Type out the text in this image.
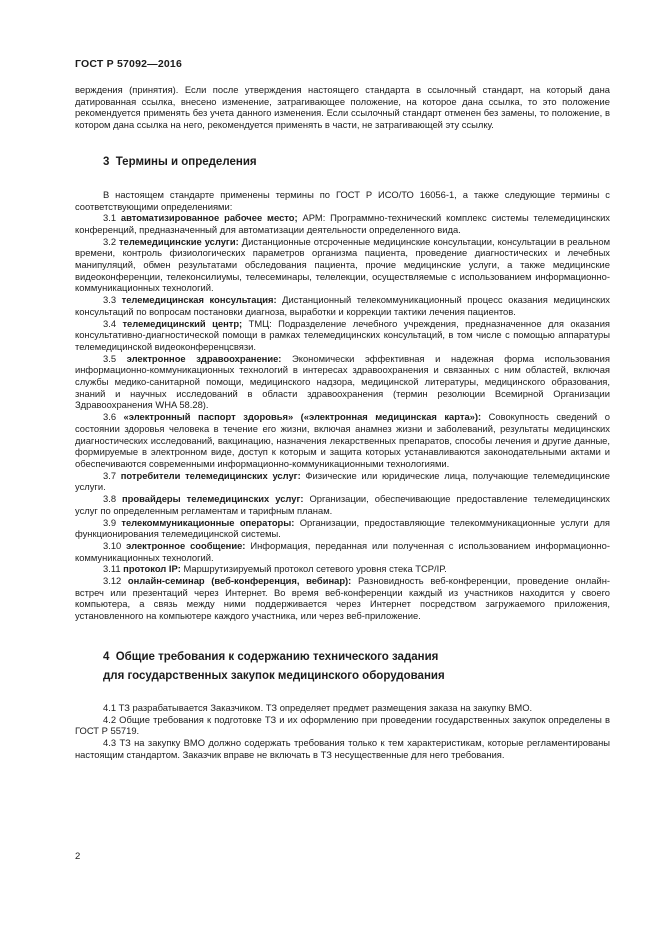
ГОСТ Р 57092—2016

верждения (принятия). Если после утверждения настоящего стандарта в ссылочный стандарт, на который дана датированная ссылка, внесено изменение, затрагивающее положение, на которое дана ссылка, то это положение рекомендуется применять без учета данного изменения. Если ссылочный стандарт отменен без замены, то положение, в котором дана ссылка на него, рекомендуется применять в части, не затрагивающей эту ссылку.

3 Термины и определения

В настоящем стандарте применены термины по ГОСТ Р ИСО/ТО 16056-1, а также следующие термины с соответствующими определениями:

3.1 автоматизированное рабочее место; АРМ: Программно-технический комплекс системы телемедицинских конференций, предназначенный для автоматизации деятельности определенного вида.

3.2 телемедицинские услуги: Дистанционные отсроченные медицинские консультации, консультации в реальном времени, контроль физиологических параметров организма пациента, проведение диагностических и лечебных манипуляций, обмен результатами обследования пациента, прочие медицинские услуги, а также медицинские видеоконференции, телеконсилиумы, телесеминары, телелекции, осуществляемые с использованием информационно-коммуникационных технологий.

3.3 телемедицинская консультация: Дистанционный телекоммуникационный процесс оказания медицинских консультаций по вопросам постановки диагноза, выработки и коррекции тактики лечения пациентов.

3.4 телемедицинский центр; ТМЦ: Подразделение лечебного учреждения, предназначенное для оказания консультативно-диагностической помощи в рамках телемедицинских консультаций, в том числе с помощью аппаратуры телемедицинской видеоконференцсвязи.

3.5 электронное здравоохранение: Экономически эффективная и надежная форма использования информационно-коммуникационных технологий в интересах здравоохранения и связанных с ним областей, включая службы медико-санитарной помощи, медицинского надзора, медицинской литературы, медицинского образования, знаний и научных исследований в области здравоохранения (термин резолюции Всемирной Организации Здравоохранения WHA 58.28).

3.6 «электронный паспорт здоровья» («электронная медицинская карта»): Совокупность сведений о состоянии здоровья человека в течение его жизни, включая анамнез жизни и заболеваний, результаты медицинских диагностических исследований, вакцинацию, назначения лекарственных препаратов, способы лечения и другие данные, формируемые в электронном виде, доступ к которым и защита которых устанавливаются законодательными актами и обеспечиваются современными информационно-коммуникационными технологиями.

3.7 потребители телемедицинских услуг: Физические или юридические лица, получающие телемедицинские услуги.

3.8 провайдеры телемедицинских услуг: Организации, обеспечивающие предоставление телемедицинских услуг по определенным регламентам и тарифным планам.

3.9 телекоммуникационные операторы: Организации, предоставляющие телекоммуникационные услуги для функционирования телемедицинской системы.

3.10 электронное сообщение: Информация, переданная или полученная с использованием информационно-коммуникационных технологий.

3.11 протокол IP: Маршрутизируемый протокол сетевого уровня стека TCP/IP.

3.12 онлайн-семинар (веб-конференция, вебинар): Разновидность веб-конференции, проведение онлайн-встреч или презентаций через Интернет. Во время веб-конференции каждый из участников находится у своего компьютера, а связь между ними поддерживается через Интернет посредством загружаемого приложения, установленного на компьютере каждого участника, или через веб-приложение.

4 Общие требования к содержанию технического задания
для государственных закупок медицинского оборудования

4.1 ТЗ разрабатывается Заказчиком. ТЗ определяет предмет размещения заказа на закупку ВМО.

4.2 Общие требования к подготовке ТЗ и их оформлению при проведении государственных закупок определены в ГОСТ Р 55719.

4.3 ТЗ на закупку ВМО должно содержать требования только к тем характеристикам, которые регламентированы настоящим стандартом. Заказчик вправе не включать в ТЗ несущественные для него требования.

2
